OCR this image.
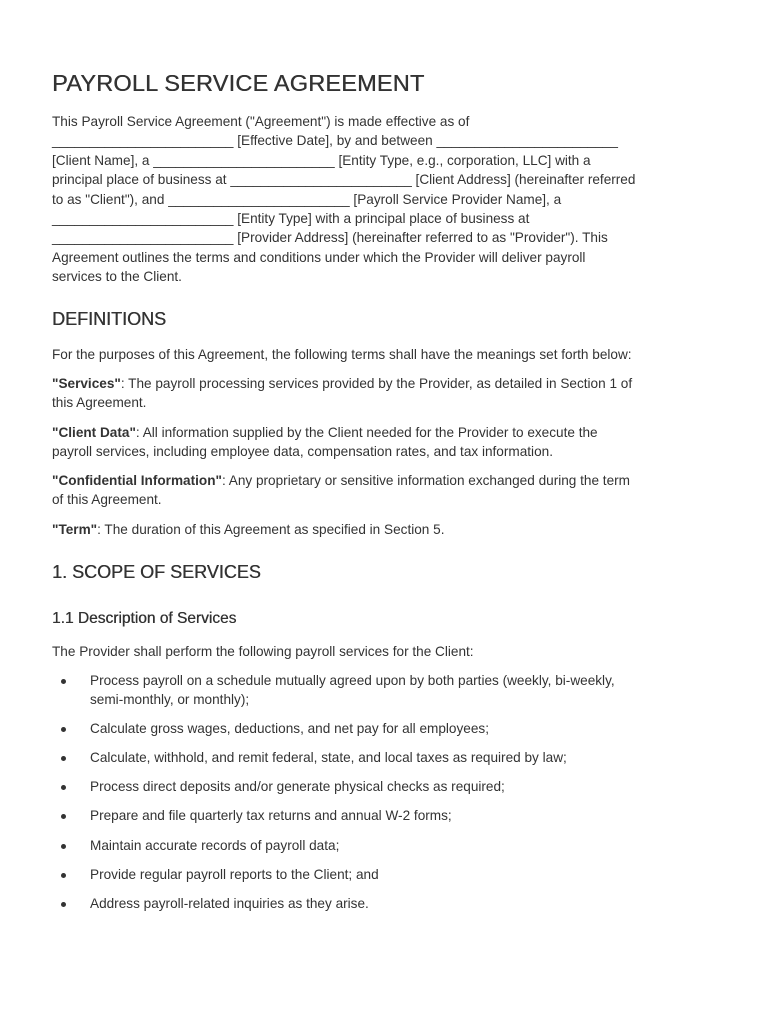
PAYROLL SERVICE AGREEMENT
This Payroll Service Agreement ("Agreement") is made effective as of
________________________ [Effective Date], by and between ________________________
[Client Name], a ________________________ [Entity Type, e.g., corporation, LLC] with a
principal place of business at ________________________ [Client Address] (hereinafter referred
to as "Client"), and ________________________ [Payroll Service Provider Name], a
________________________ [Entity Type] with a principal place of business at
________________________ [Provider Address] (hereinafter referred to as "Provider"). This
Agreement outlines the terms and conditions under which the Provider will deliver payroll
services to the Client.
DEFINITIONS

For the purposes of this Agreement, the following terms shall have the meanings set forth below:

"Services": The payroll processing services provided by the Provider, as detailed in Section 1 of
this Agreement.

"Client Data": All information supplied by the Client needed for the Provider to execute the
payroll services, including employee data, compensation rates, and tax information.

"Confidential Information": Any proprietary or sensitive information exchanged during the term
of this Agreement.

"Term": The duration of this Agreement as specified in Section 5.

1. SCOPE OF SERVICES
1.1 Description of Services

The Provider shall perform the following payroll services for the Client:

Process payroll on a schedule mutually agreed upon by both parties (weekly, bi-weekly,
semi-monthly, or monthly);
Calculate gross wages, deductions, and net pay for all employees;
Calculate, withhold, and remit federal, state, and local taxes as required by law;
Process direct deposits and/or generate physical checks as required;
Prepare and file quarterly tax returns and annual W-2 forms;
Maintain accurate records of payroll data;
Provide regular payroll reports to the Client; and
Address payroll-related inquiries as they arise.
